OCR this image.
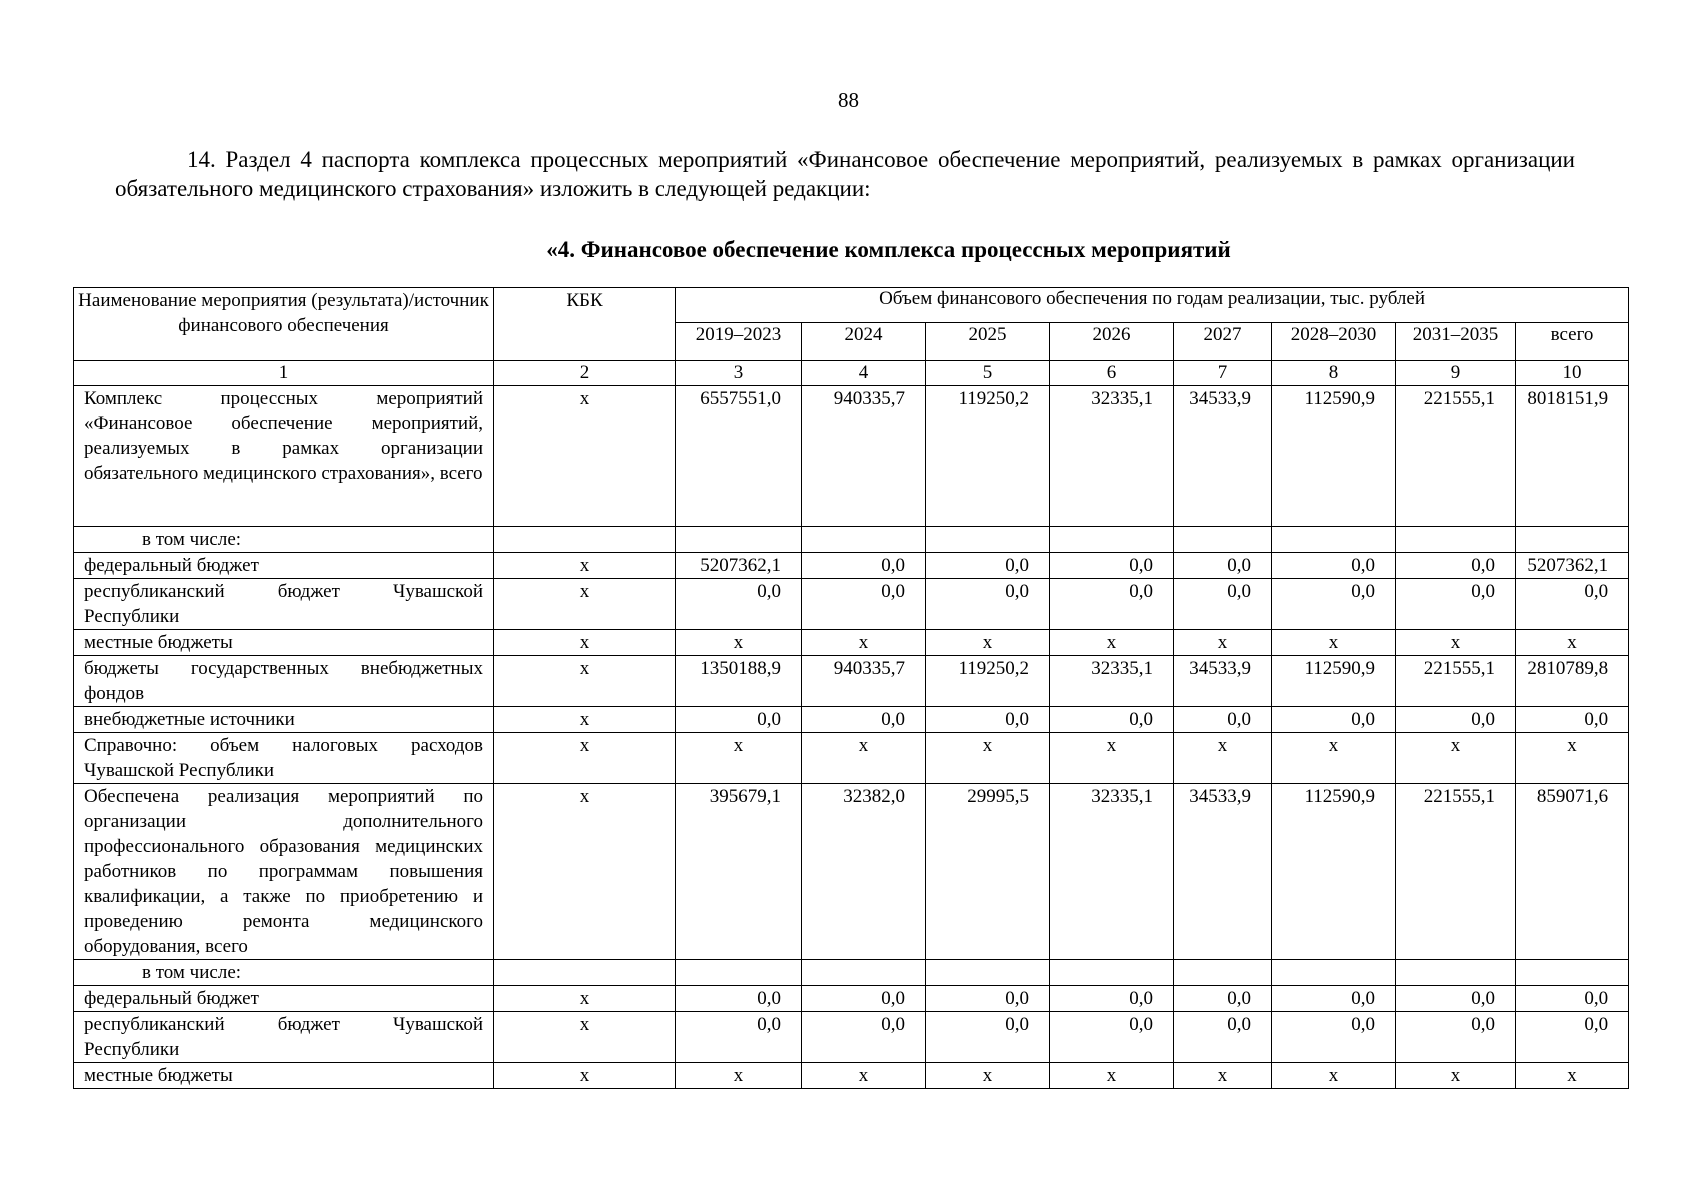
88
14. Раздел 4 паспорта комплекса процессных мероприятий «Финансовое обеспечение мероприятий, реализуемых в рамках организации обязательного медицинского страхования» изложить в следующей редакции:
«4. Финансовое обеспечение комплекса процессных мероприятий
Наименование мероприятия (результата)/источник финансового обеспечения	КБК	Объем финансового обеспечения по годам реализации, тыс. рублей							
		2019–2023	2024	2025	2026	2027	2028–2030	2031–2035	всего
1	2	3	4	5	6	7	8	9	10
Комплекс процессных мероприятий «Финансовое обеспечение мероприятий, реализуемых в рамках организации обязательного медицинского страхования», всего	х	6557551,0	940335,7	119250,2	32335,1	34533,9	112590,9	221555,1	8018151,9
в том числе:									
федеральный бюджет	х	5207362,1	0,0	0,0	0,0	0,0	0,0	0,0	5207362,1
республиканский бюджет Чувашской Республики	х	0,0	0,0	0,0	0,0	0,0	0,0	0,0	0,0
местные бюджеты	х	х	х	х	х	х	х	х	х
бюджеты государственных внебюджетных фондов	х	1350188,9	940335,7	119250,2	32335,1	34533,9	112590,9	221555,1	2810789,8
внебюджетные источники	х	0,0	0,0	0,0	0,0	0,0	0,0	0,0	0,0
Справочно: объем налоговых расходов Чувашской Республики	х	х	х	х	х	х	х	х	х
Обеспечена реализация мероприятий по организации дополнительного профессионального образования медицинских работников по программам повышения квалификации, а также по приобретению и проведению ремонта медицинского оборудования, всего	х	395679,1	32382,0	29995,5	32335,1	34533,9	112590,9	221555,1	859071,6
в том числе:									
федеральный бюджет	х	0,0	0,0	0,0	0,0	0,0	0,0	0,0	0,0
республиканский бюджет Чувашской Республики	х	0,0	0,0	0,0	0,0	0,0	0,0	0,0	0,0
местные бюджеты	х	х	х	х	х	х	х	х	х
